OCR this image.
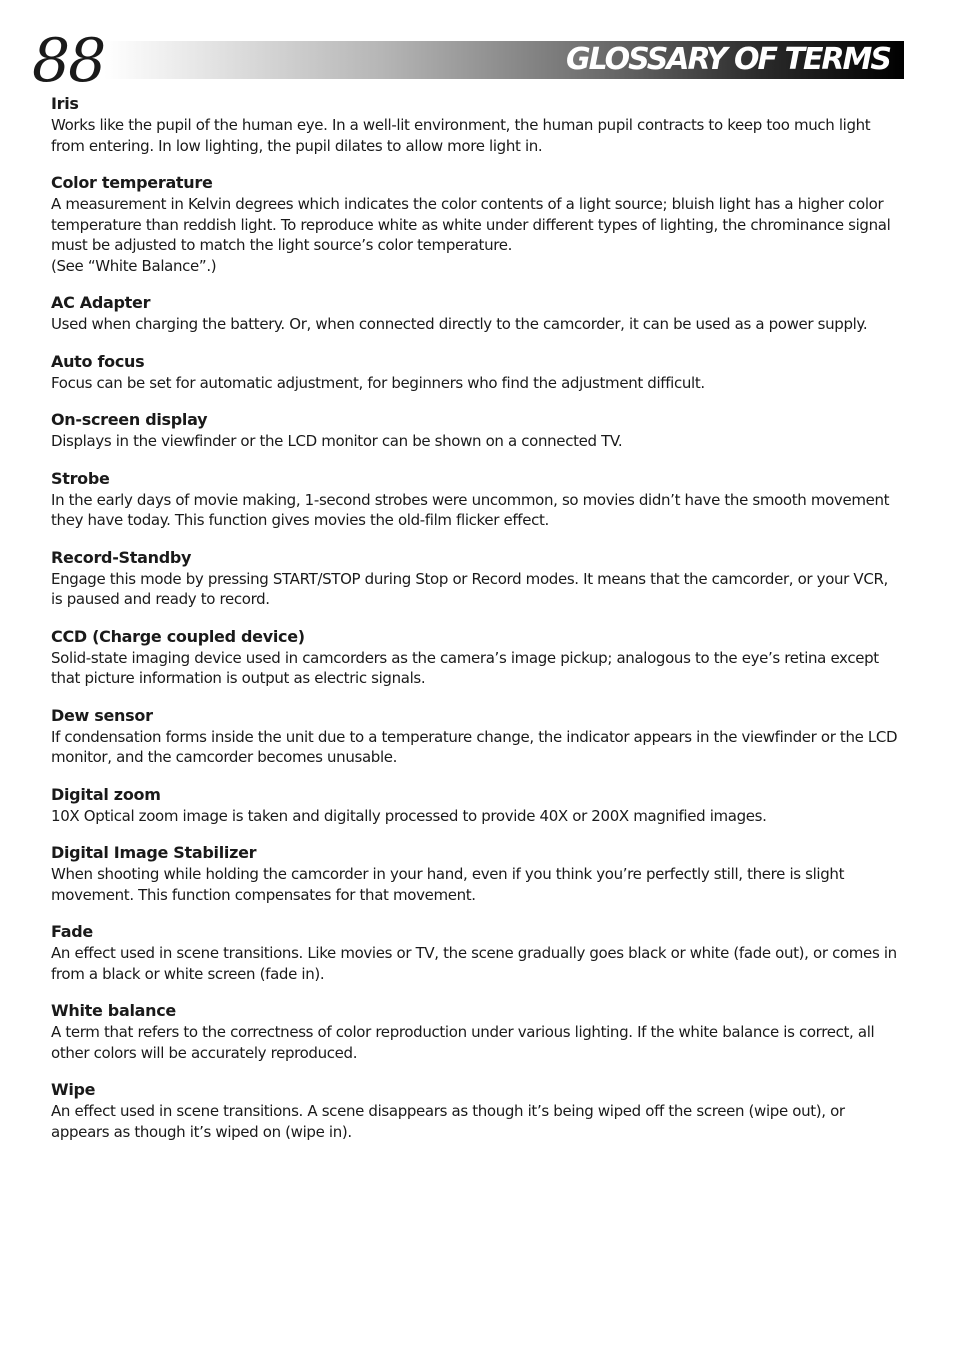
88	GLOSSARY OF TERMS
Iris
Works like the pupil of the human eye. In a well-lit environment, the human pupil contracts to keep too much light from entering. In low lighting, the pupil dilates to allow more light in.
Color temperature
A measurement in Kelvin degrees which indicates the color contents of a light source; bluish light has a higher color temperature than reddish light. To reproduce white as white under different types of lighting, the chrominance signal must be adjusted to match the light source’s color temperature.
(See “White Balance”.)
AC Adapter
Used when charging the battery. Or, when connected directly to the camcorder, it can be used as a power supply.
Auto focus
Focus can be set for automatic adjustment, for beginners who find the adjustment difficult.
On-screen display
Displays in the viewfinder or the LCD monitor can be shown on a connected TV.
Strobe
In the early days of movie making, 1-second strobes were uncommon, so movies didn’t have the smooth movement they have today. This function gives movies the old-film flicker effect.
Record-Standby
Engage this mode by pressing START/STOP during Stop or Record modes. It means that the camcorder, or your VCR, is paused and ready to record.
CCD (Charge coupled device)
Solid-state imaging device used in camcorders as the camera’s image pickup; analogous to the eye’s retina except that picture information is output as electric signals.
Dew sensor
If condensation forms inside the unit due to a temperature change, the indicator appears in the viewfinder or the LCD monitor, and the camcorder becomes unusable.
Digital zoom
10X Optical zoom image is taken and digitally processed to provide 40X or 200X magnified images.
Digital Image Stabilizer
When shooting while holding the camcorder in your hand, even if you think you’re perfectly still, there is slight movement. This function compensates for that movement.
Fade
An effect used in scene transitions. Like movies or TV, the scene gradually goes black or white (fade out), or comes in from a black or white screen (fade in).
White balance
A term that refers to the correctness of color reproduction under various lighting. If the white balance is correct, all other colors will be accurately reproduced.
Wipe
An effect used in scene transitions. A scene disappears as though it’s being wiped off the screen (wipe out), or appears as though it’s wiped on (wipe in).
